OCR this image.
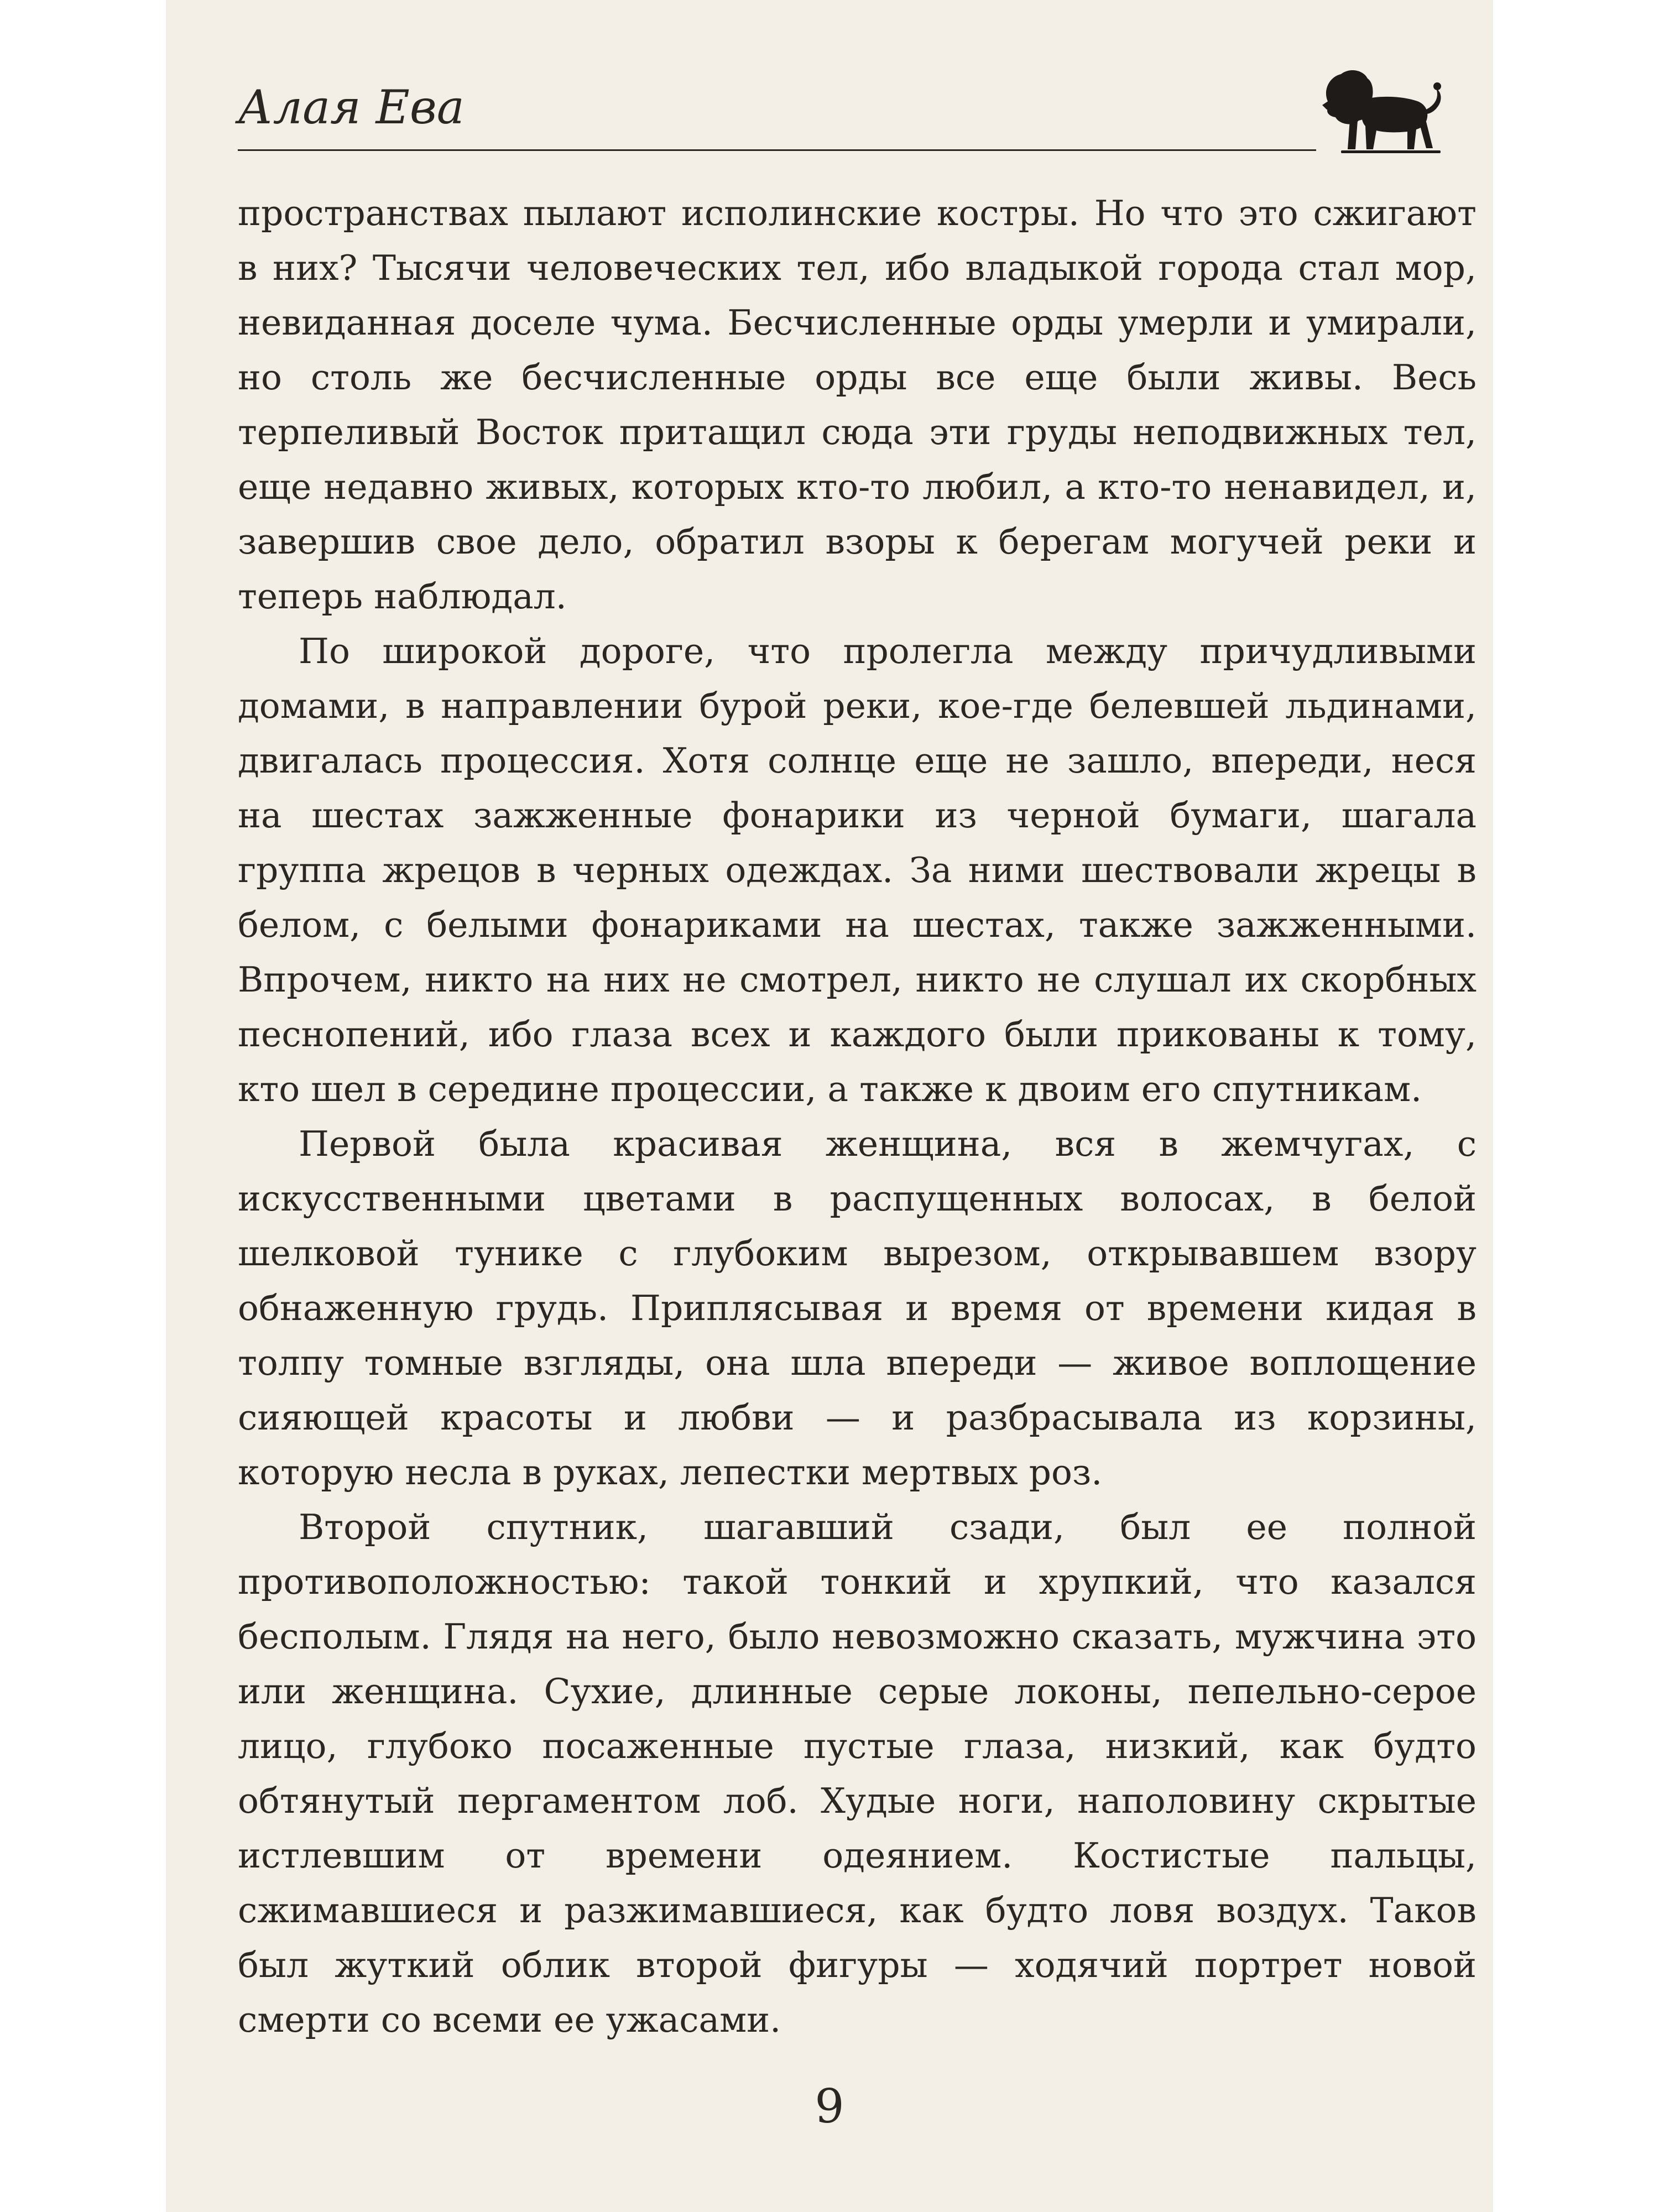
Алая Ева

пространствах пылают исполинские костры. Но что это сжигают в них? Тысячи человеческих тел, ибо владыкой города стал мор, невиданная доселе чума. Бесчисленные орды умерли и умирали, но столь же бесчисленные орды все еще были живы. Весь терпеливый Восток притащил сюда эти груды неподвижных тел, еще недавно живых, которых кто-то любил, а кто-то ненавидел, и, завершив свое дело, обратил взоры к берегам могучей реки и теперь наблюдал.

По широкой дороге, что пролегла между причудливыми домами, в направлении бурой реки, кое-где белевшей льдинами, двигалась процессия. Хотя солнце еще не зашло, впереди, неся на шестах зажженные фонарики из черной бумаги, шагала группа жрецов в черных одеждах. За ними шествовали жрецы в белом, с белыми фонариками на шестах, также зажженными. Впрочем, никто на них не смотрел, никто не слушал их скорбных песнопений, ибо глаза всех и каждого были прикованы к тому, кто шел в середине процессии, а также к двоим его спутникам.

Первой была красивая женщина, вся в жемчугах, с искусственными цветами в распущенных волосах, в белой шелковой тунике с глубоким вырезом, открывавшем взору обнаженную грудь. Приплясывая и время от времени кидая в толпу томные взгляды, она шла впереди — живое воплощение сияющей красоты и любви — и разбрасывала из корзины, которую несла в руках, лепестки мертвых роз.

Второй спутник, шагавший сзади, был ее полной противоположностью: такой тонкий и хрупкий, что казался бесполым. Глядя на него, было невозможно сказать, мужчина это или женщина. Сухие, длинные серые локоны, пепельно-серое лицо, глубоко посаженные пустые глаза, низкий, как будто обтянутый пергаментом лоб. Худые ноги, наполовину скрытые истлевшим от времени одеянием. Костистые пальцы, сжимавшиеся и разжимавшиеся, как будто ловя воздух. Таков был жуткий облик второй фигуры — ходячий портрет новой смерти со всеми ее ужасами.

9
